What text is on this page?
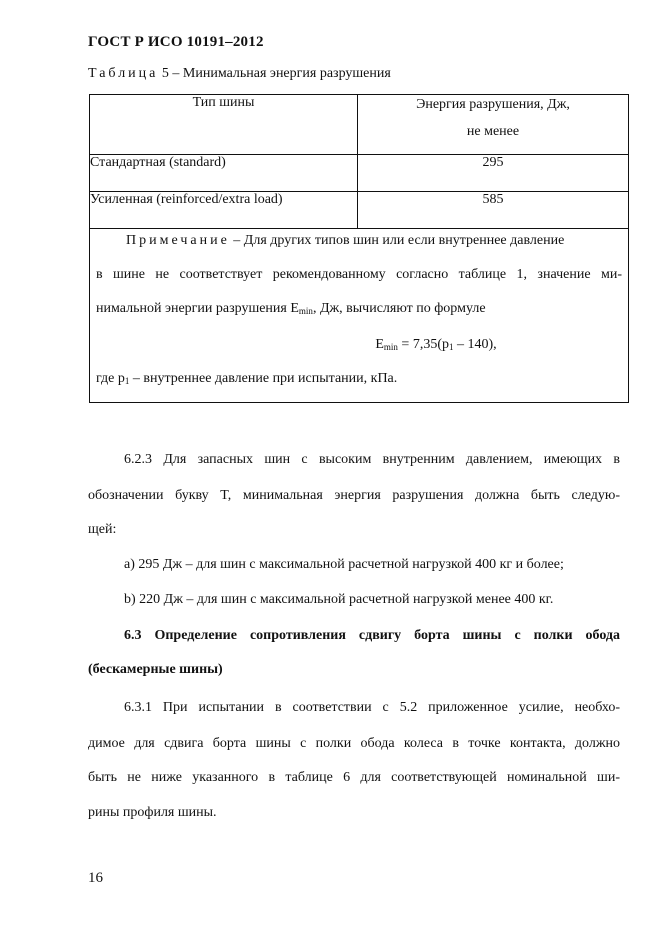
ГОСТ Р ИСО 10191–2012
Таблица 5 – Минимальная энергия разрушения
Тип шины	Энергия разрушения, Дж,
не менее

Стандартная (standard)	295
Усиленная (reinforced/extra load)	585

Примечание – Для других типов шин или если внутреннее давление
в шине не соответствует рекомендованному согласно таблице 1, значение ми-
нимальной энергии разрушения $E_{min}$, Дж, вычисляют по формуле
$E_{min} = 7,35(p_1 - 140)$,
где $p_1$ – внутреннее давление при испытании, кПа.	
6.2.3 Для запасных шин с высоким внутренним давлением, имеющих в
обозначении букву T, минимальная энергия разрушения должна быть следую-
щей:
a) 295 Дж – для шин с максимальной расчетной нагрузкой 400 кг и более;
b) 220 Дж – для шин с максимальной расчетной нагрузкой менее 400 кг.
6.3 Определение сопротивления сдвигу борта шины с полки обода
(бескамерные шины)
6.3.1 При испытании в соответствии с 5.2 приложенное усилие, необхо-
димое для сдвига борта шины с полки обода колеса в точке контакта, должно
быть не ниже указанного в таблице 6 для соответствующей номинальной ши-
рины профиля шины.
16
